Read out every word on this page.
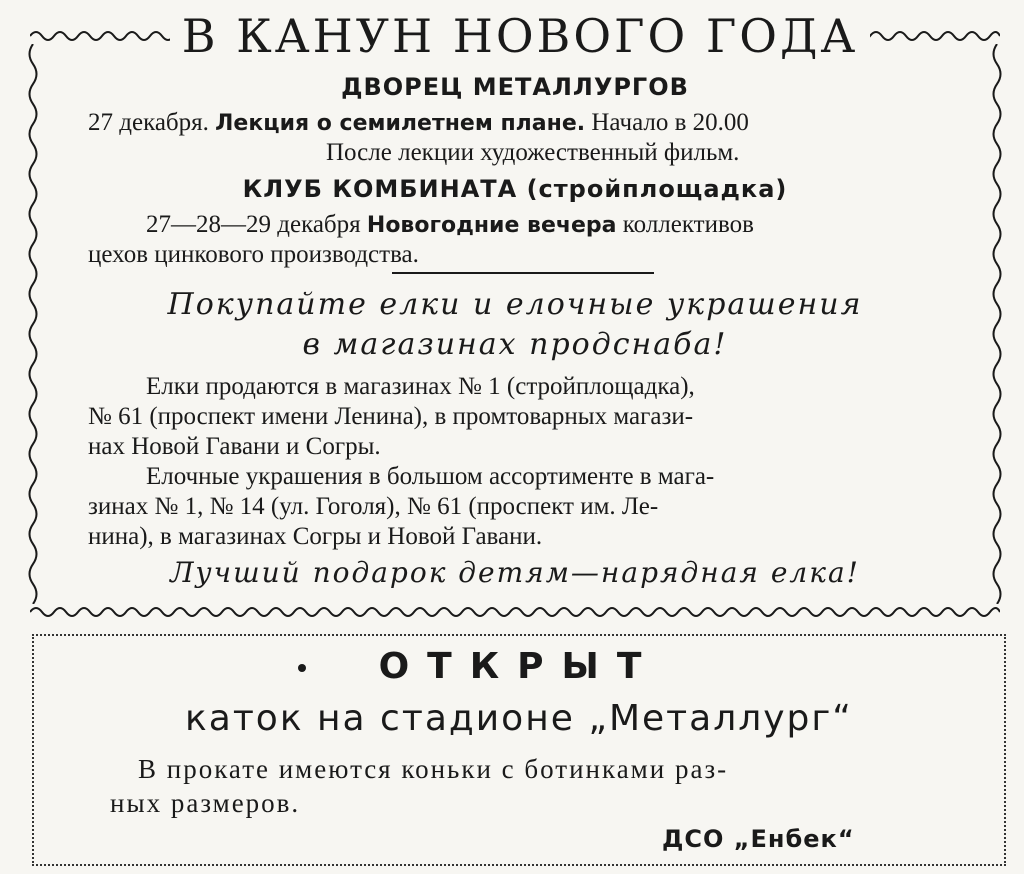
В КАНУН НОВОГО ГОДА
ДВОРЕЦ МЕТАЛЛУРГОВ
27 декабря. Лекция о семилетнем плане. Начало в 20.00
После лекции художественный фильм.
КЛУБ КОМБИНАТА (стройплощадка)
27—28—29 декабря Новогодние вечера коллективов
цехов цинкового производства.
Покупайте елки и елочные украшения
в магазинах продснаба!
Елки продаются в магазинах № 1 (стройплощадка),
№ 61 (проспект имени Ленина), в промтоварных магази-
нах Новой Гавани и Согры.
Елочные украшения в большом ассортименте в мага-
зинах № 1, № 14 (ул. Гоголя), № 61 (проспект им. Ле-
нина), в магазинах Согры и Новой Гавани.
Лучший подарок детям—нарядная елка!
ОТКРЫТ
каток на стадионе „Металлург“
В прокате имеются коньки с ботинками раз-
ных размеров.
ДСО „Енбек“
